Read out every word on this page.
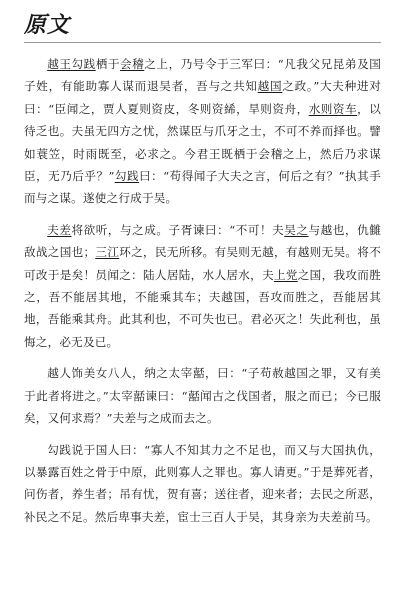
原文

越王勾践栖于会稽之上，乃号令于三军曰：“凡我父兄昆弟及国子姓，有能助寡人谋而退吴者，吾与之共知越国之政。”大夫种进对曰：“臣闻之，贾人夏则资皮，冬则资絺，旱则资舟，水则资车，以待乏也。夫虽无四方之忧，然谋臣与爪牙之士，不可不养而择也。譬如蓑笠，时雨既至，必求之。今君王既栖于会稽之上，然后乃求谋臣，无乃后乎？”勾践曰：“苟得闻子大夫之言，何后之有？”执其手而与之谋。遂使之行成于吴。

夫差将欲听，与之成。子胥谏曰：“不可！夫吴之与越也，仇雠敌战之国也；三江环之，民无所移。有吴则无越，有越则无吴。将不可改于是矣！员闻之：陆人居陆，水人居水，夫上党之国，我攻而胜之，吾不能居其地，不能乘其车；夫越国，吾攻而胜之，吾能居其地，吾能乘其舟。此其利也，不可失也已。君必灭之！失此利也，虽悔之，必无及已。

越人饰美女八人，纳之太宰嚭，曰：“子苟赦越国之罪，又有美于此者将进之。”太宰嚭谏曰：“嚭闻古之伐国者，服之而已；今已服矣，又何求焉？”夫差与之成而去之。

勾践说于国人曰：“寡人不知其力之不足也，而又与大国执仇，以暴露百姓之骨于中原，此则寡人之罪也。寡人请更。”于是葬死者，问伤者，养生者；吊有忧，贺有喜；送往者，迎来者；去民之所恶，补民之不足。然后卑事夫差，宦士三百人于吴，其身亲为夫差前马。
